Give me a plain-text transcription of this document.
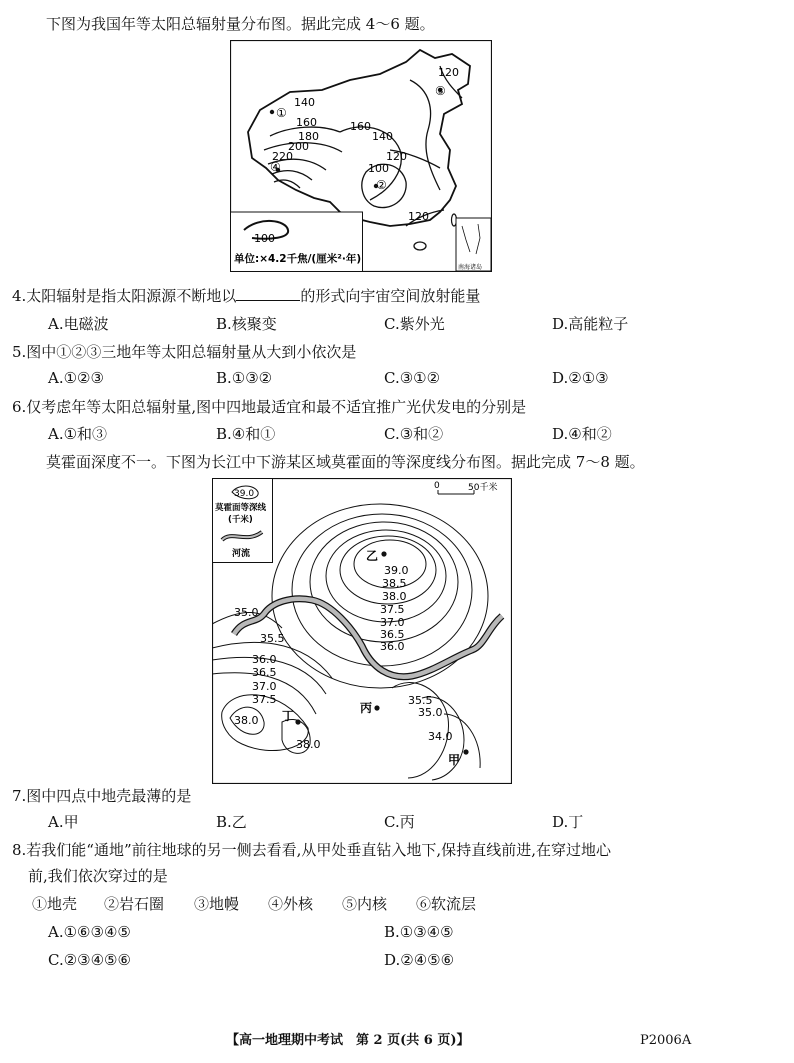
下图为我国年等太阳总辐射量分布图。据此完成 4～6 题。
①
②
③
④
120
140
160
180
200
220
160
140
120
100
120
100
单位:×4.2千焦/(厘米²·年)
南海诸岛
4.太阳辐射是指太阳源源不断地以	的形式向宇宙空间放射能量
A.电磁波	B.核聚变	C.紫外光	D.高能粒子
5.图中①②③三地年等太阳总辐射量从大到小依次是
A.①②③	B.①③②	C.③①②	D.②①③
6.仅考虑年等太阳总辐射量,图中四地最适宜和最不适宜推广光伏发电的分别是
A.①和③	B.④和①	C.③和②	D.④和②
莫霍面深度不一。下图为长江中下游某区域莫霍面的等深度线分布图。据此完成 7～8 题。
39.0
莫霍面等深线
(千米)
河流
0	50千米
乙
丙
丁
甲
39.0
38.5
38.0
37.5
37.0
36.5
36.0
35.0
35.5
36.0
36.5
37.0
37.5
38.0
38.0
35.5
35.0
34.0
7.图中四点中地壳最薄的是
A.甲	B.乙	C.丙	D.丁
8.若我们能“通地”前往地球的另一侧去看看,从甲处垂直钻入地下,保持直线前进,在穿过地心
前,我们依次穿过的是
①地壳 ②岩石圈 ③地幔 ④外核 ⑤内核 ⑥软流层
A.①⑥③④⑤	B.①③④⑤
C.②③④⑤⑥	D.②④⑤⑥
【高一地理期中考试　第 2 页(共 6 页)】	P2006A
